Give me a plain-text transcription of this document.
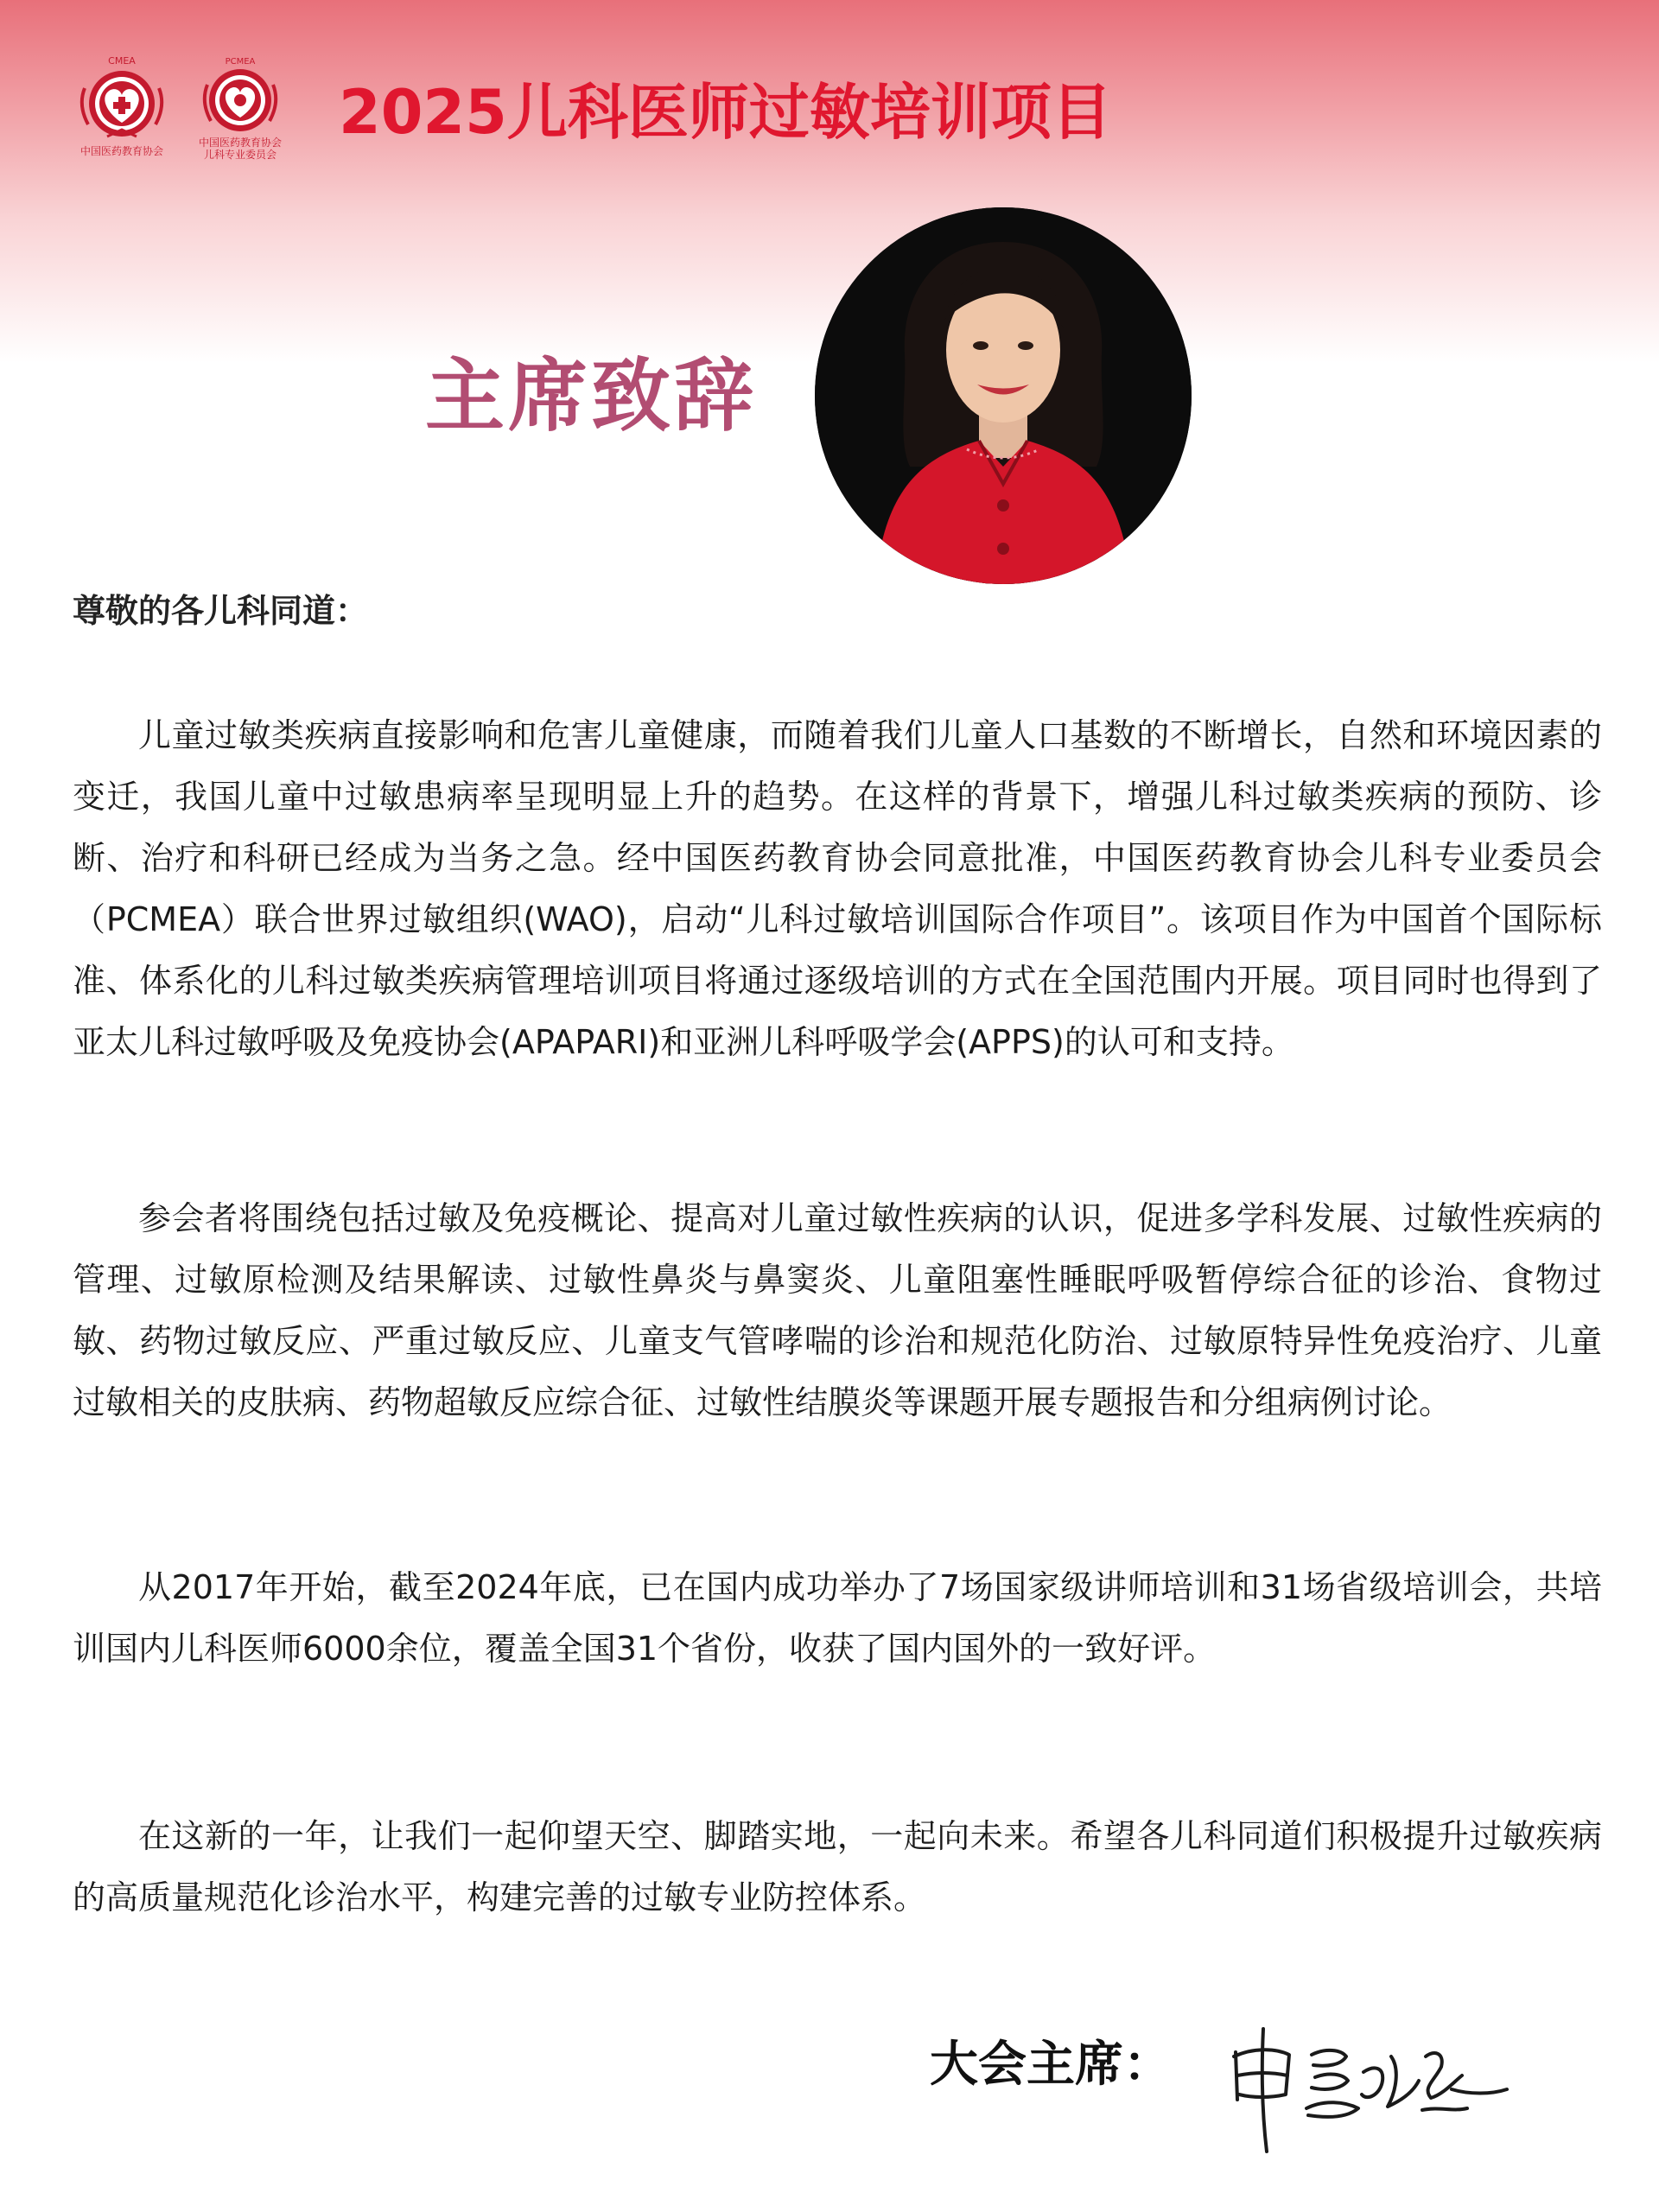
CMEA
中国医药教育协会
PCMEA
中国医药教育协会
儿科专业委员会
2025儿科医师过敏培训项目
主席致辞

尊敬的各儿科同道：

儿童过敏类疾病直接影响和危害儿童健康，而随着我们儿童人口基数的不断增长，自然和环境因素的变迁，我国儿童中过敏患病率呈现明显上升的趋势。在这样的背景下，增强儿科过敏类疾病的预防、诊断、治疗和科研已经成为当务之急。经中国医药教育协会同意批准，中国医药教育协会儿科专业委员会（PCMEA）联合世界过敏组织(WAO)，启动“儿科过敏培训国际合作项目”。该项目作为中国首个国际标准、体系化的儿科过敏类疾病管理培训项目将通过逐级培训的方式在全国范围内开展。项目同时也得到了亚太儿科过敏呼吸及免疫协会(APAPARI)和亚洲儿科呼吸学会(APPS)的认可和支持。

参会者将围绕包括过敏及免疫概论、提高对儿童过敏性疾病的认识，促进多学科发展、过敏性疾病的管理、过敏原检测及结果解读、过敏性鼻炎与鼻窦炎、儿童阻塞性睡眠呼吸暂停综合征的诊治、食物过敏、药物过敏反应、严重过敏反应、儿童支气管哮喘的诊治和规范化防治、过敏原特异性免疫治疗、儿童过敏相关的皮肤病、药物超敏反应综合征、过敏性结膜炎等课题开展专题报告和分组病例讨论。

从2017年开始，截至2024年底，已在国内成功举办了7场国家级讲师培训和31场省级培训会，共培训国内儿科医师6000余位，覆盖全国31个省份，收获了国内国外的一致好评。

在这新的一年，让我们一起仰望天空、脚踏实地，一起向未来。希望各儿科同道们积极提升过敏疾病的高质量规范化诊治水平，构建完善的过敏专业防控体系。

大会主席：
